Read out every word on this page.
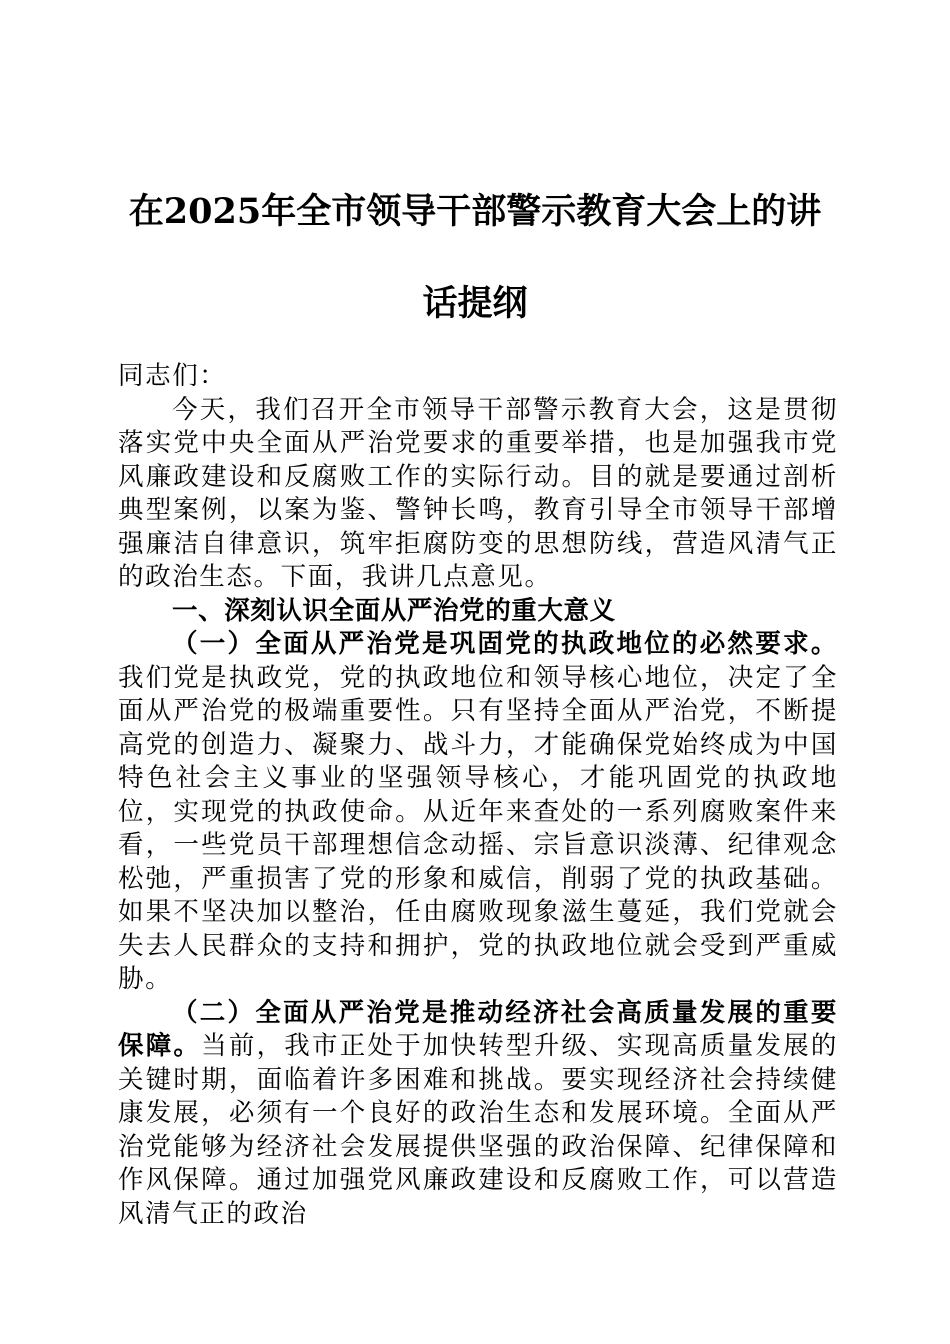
在2025年全市领导干部警示教育大会上的讲话提纲

同志们：

今天，我们召开全市领导干部警示教育大会，这是贯彻落实党中央全面从严治党要求的重要举措，也是加强我市党风廉政建设和反腐败工作的实际行动。目的就是要通过剖析典型案例，以案为鉴、警钟长鸣，教育引导全市领导干部增强廉洁自律意识，筑牢拒腐防变的思想防线，营造风清气正的政治生态。下面，我讲几点意见。

一、深刻认识全面从严治党的重大意义

（一）全面从严治党是巩固党的执政地位的必然要求。我们党是执政党，党的执政地位和领导核心地位，决定了全面从严治党的极端重要性。只有坚持全面从严治党，不断提高党的创造力、凝聚力、战斗力，才能确保党始终成为中国特色社会主义事业的坚强领导核心，才能巩固党的执政地位，实现党的执政使命。从近年来查处的一系列腐败案件来看，一些党员干部理想信念动摇、宗旨意识淡薄、纪律观念松弛，严重损害了党的形象和威信，削弱了党的执政基础。如果不坚决加以整治，任由腐败现象滋生蔓延，我们党就会失去人民群众的支持和拥护，党的执政地位就会受到严重威胁。

（二）全面从严治党是推动经济社会高质量发展的重要保障。当前，我市正处于加快转型升级、实现高质量发展的关键时期，面临着许多困难和挑战。要实现经济社会持续健康发展，必须有一个良好的政治生态和发展环境。全面从严治党能够为经济社会发展提供坚强的政治保障、纪律保障和作风保障。通过加强党风廉政建设和反腐败工作，可以营造风清气正的政治
